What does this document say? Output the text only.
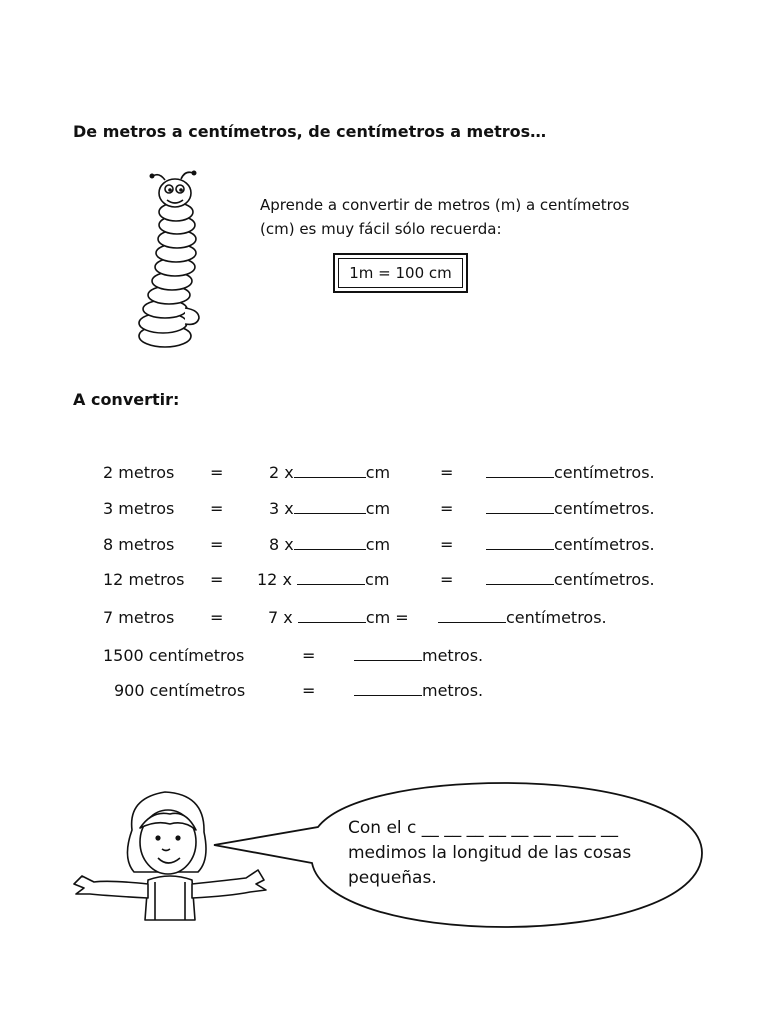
De metros a centímetros, de centímetros a metros…
Aprende a convertir de metros (m) a centímetros
(cm) es muy fácil sólo recuerda:
1m = 100 cm
A convertir:
2 metros =	2 x	cm	=	centímetros.
3 metros =	3 x	cm	=	centímetros.
8 metros =	8 x	cm	=	centímetros.
12 metros = 12 x	cm	=	centímetros.
7 metros =	7 x	cm =	centímetros.
1500 centímetros	=	metros.
900 centímetros	=	metros.
Con el c __ __ __ __ __ __ __ __ __
medimos la longitud de las cosas
pequeñas.
